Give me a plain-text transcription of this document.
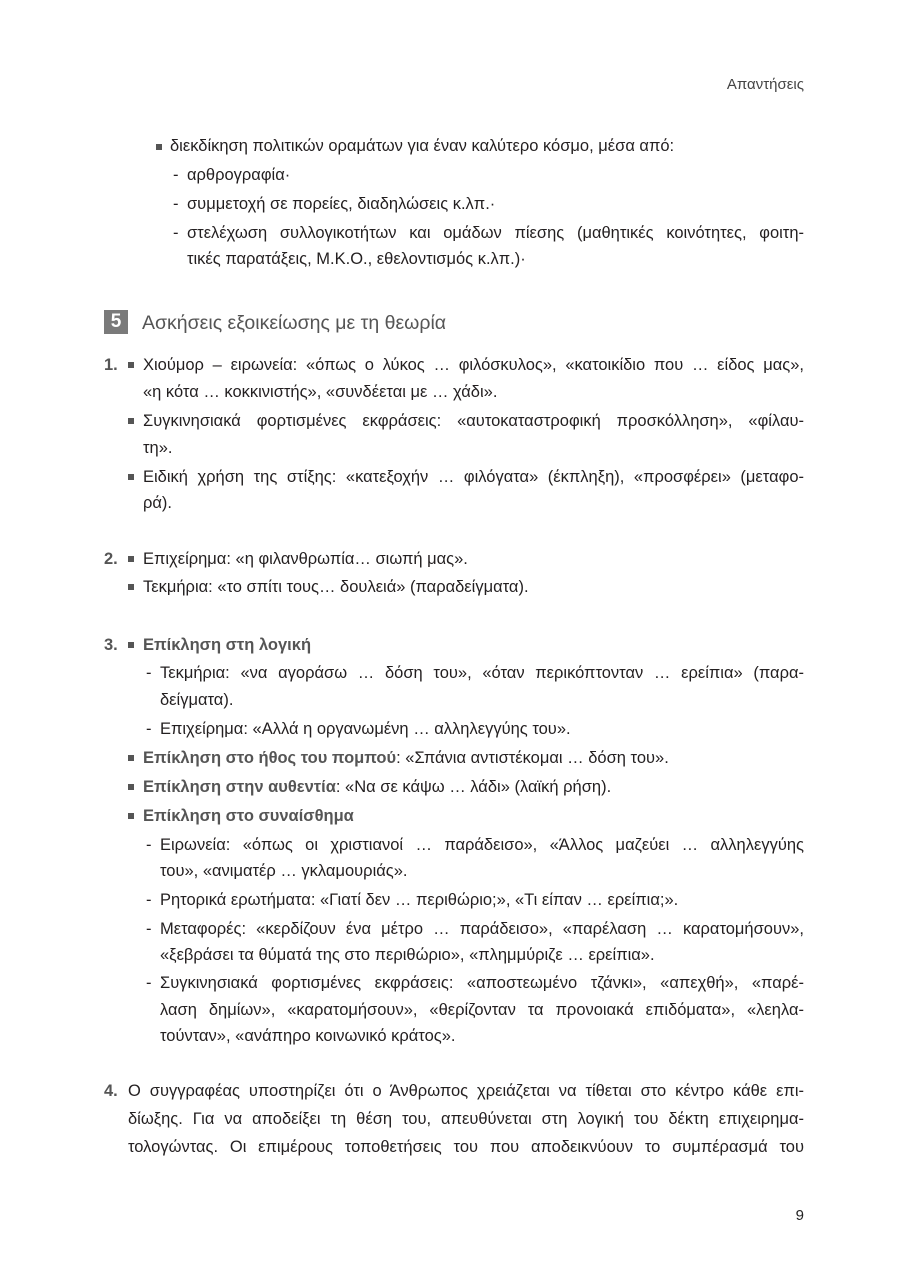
Απαντήσεις
διεκδίκηση πολιτικών οραμάτων για έναν καλύτερο κόσμο, μέσα από:
- αρθρογραφία·
- συμμετοχή σε πορείες, διαδηλώσεις κ.λπ.·
- στελέχωση συλλογικοτήτων και ομάδων πίεσης (μαθητικές κοινότητες, φοιτη-
τικές παρατάξεις, Μ.Κ.Ο., εθελοντισμός κ.λπ.)·
5	Ασκήσεις εξοικείωσης με τη θεωρία
1. Χιούμορ – ειρωνεία: «όπως ο λύκος … φιλόσκυλος», «κατοικίδιο που … είδος μας»,
«η κότα … κοκκινιστής», «συνδέεται με … χάδι».
Συγκινησιακά φορτισμένες εκφράσεις: «αυτοκαταστροφική προσκόλληση», «φίλαυ-
τη».
Ειδική χρήση της στίξης: «κατεξοχήν … φιλόγατα» (έκπληξη), «προσφέρει» (μεταφο-
ρά).
2. Επιχείρημα: «η φιλανθρωπία… σιωπή μας».
Τεκμήρια: «το σπίτι τους… δουλειά» (παραδείγματα).
3. Επίκληση στη λογική
- Τεκμήρια: «να αγοράσω … δόση του», «όταν περικόπτονταν … ερείπια» (παρα-
δείγματα).
- Επιχείρημα: «Αλλά η οργανωμένη … αλληλεγγύης του».
Επίκληση στο ήθος του πομπού: «Σπάνια αντιστέκομαι … δόση του».
Επίκληση στην αυθεντία: «Να σε κάψω … λάδι» (λαϊκή ρήση).
Επίκληση στο συναίσθημα
- Ειρωνεία: «όπως οι χριστιανοί … παράδεισο», «Άλλος μαζεύει … αλληλεγγύης
του», «ανιματέρ … γκλαμουριάς».
- Ρητορικά ερωτήματα: «Γιατί δεν … περιθώριο;», «Τι είπαν … ερείπια;».
- Μεταφορές: «κερδίζουν ένα μέτρο … παράδεισο», «παρέλαση … καρατομήσουν»,
«ξεβράσει τα θύματά της στο περιθώριο», «πλημμύριζε … ερείπια».
- Συγκινησιακά φορτισμένες εκφράσεις: «αποστεωμένο τζάνκι», «απεχθή», «παρέ-
λαση δημίων», «καρατομήσουν», «θερίζονταν τα προνοιακά επιδόματα», «λεηλα-
τούνταν», «ανάπηρο κοινωνικό κράτος».
4. Ο συγγραφέας υποστηρίζει ότι ο Άνθρωπος χρειάζεται να τίθεται στο κέντρο κάθε επι-
δίωξης. Για να αποδείξει τη θέση του, απευθύνεται στη λογική του δέκτη επιχειρημα-
τολογώντας. Οι επιμέρους τοποθετήσεις του που αποδεικνύουν το συμπέρασμά του
9
